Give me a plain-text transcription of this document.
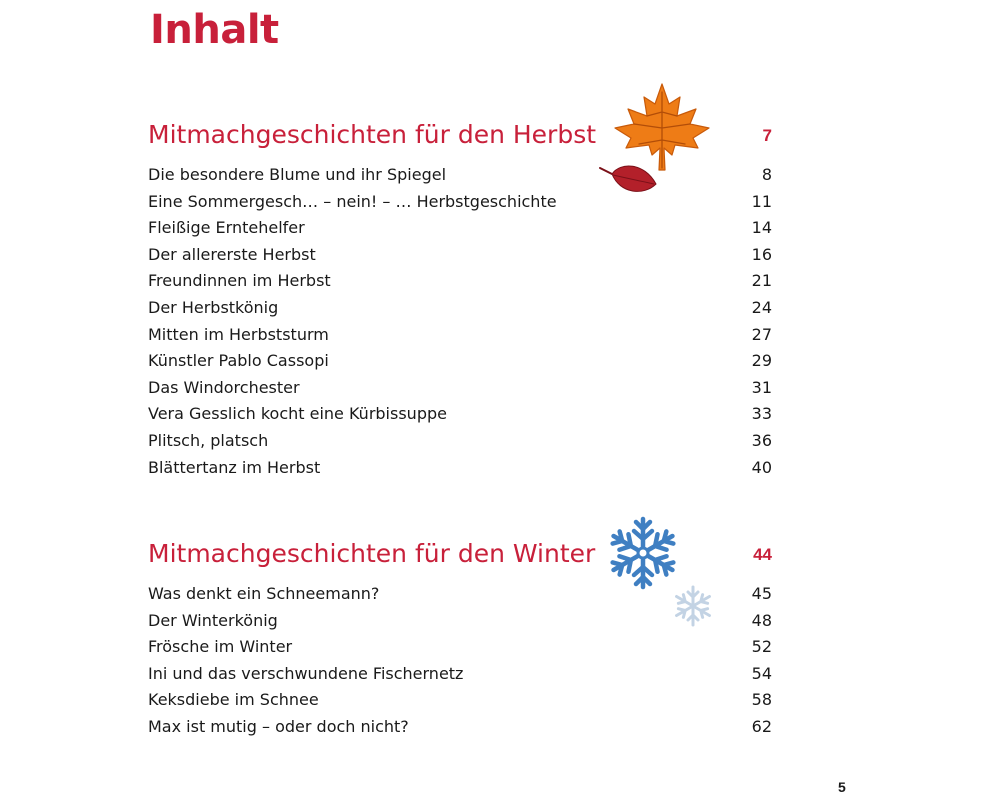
Inhalt
Mitmachgeschichten für den Herbst	7
Die besondere Blume und ihr Spiegel	8
Eine Sommergesch… – nein! – … Herbstgeschichte	11
Fleißige Erntehelfer	14
Der allererste Herbst	16
Freundinnen im Herbst	21
Der Herbstkönig	24
Mitten im Herbststurm	27
Künstler Pablo Cassopi	29
Das Windorchester	31
Vera Gesslich kocht eine Kürbissuppe	33
Plitsch, platsch	36
Blättertanz im Herbst	40
Mitmachgeschichten für den Winter	44
Was denkt ein Schneemann?	45
Der Winterkönig	48
Frösche im Winter	52
Ini und das verschwundene Fischernetz	54
Keksdiebe im Schnee	58
Max ist mutig – oder doch nicht?	62
5
